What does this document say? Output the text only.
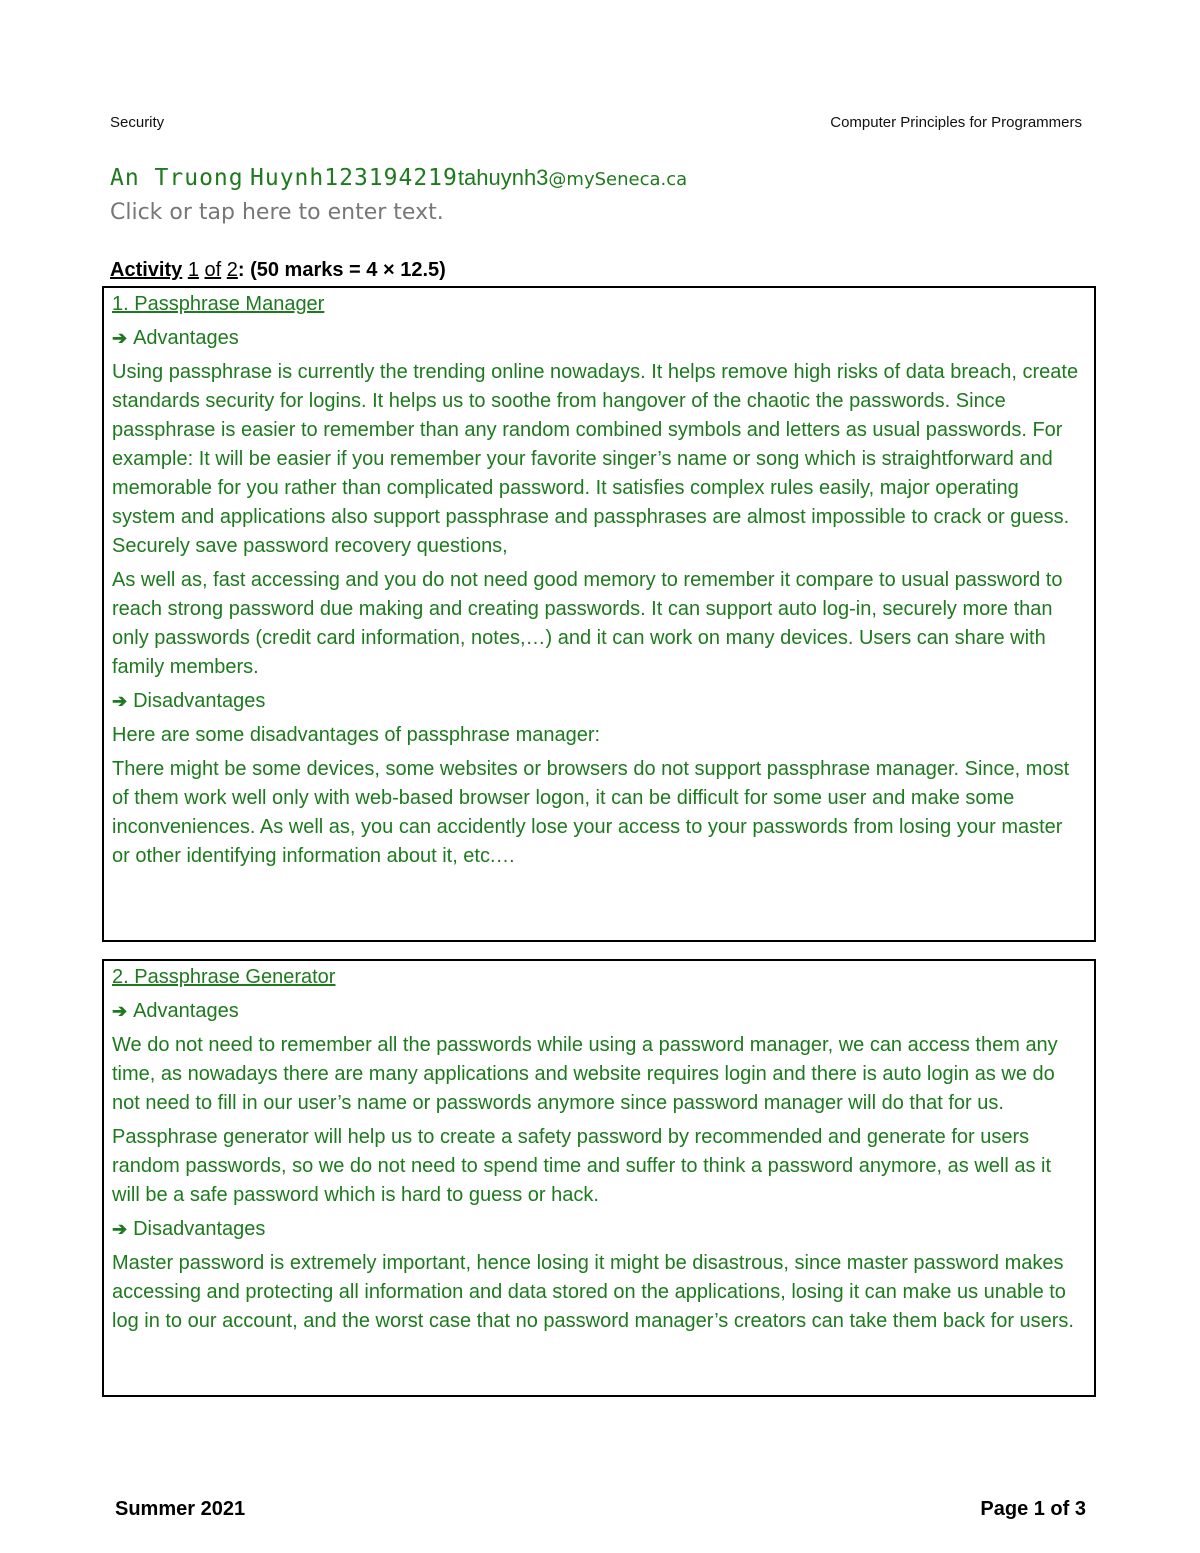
Security	Computer Principles for Programmers
An Truong Huynh123194219tahuynh3@mySeneca.ca
Click or tap here to enter text.
Activity 1 of 2: (50 marks = 4 × 12.5)
1. Passphrase Manager
➔ Advantages

Using passphrase is currently the trending online nowadays. It helps remove high risks of data breach, create standards security for logins. It helps us to soothe from hangover of the chaotic the passwords. Since passphrase is easier to remember than any random combined symbols and letters as usual passwords. For example: It will be easier if you remember your favorite singer’s name or song which is straightforward and memorable for you rather than complicated password. It satisfies complex rules easily, major operating system and applications also support passphrase and passphrases are almost impossible to crack or guess. Securely save password recovery questions,

As well as, fast accessing and you do not need good memory to remember it compare to usual password to reach strong password due making and creating passwords. It can support auto log-in, securely more than only passwords (credit card information, notes,…) and it can work on many devices. Users can share with family members.

➔ Disadvantages

Here are some disadvantages of passphrase manager:

There might be some devices, some websites or browsers do not support passphrase manager. Since, most of them work well only with web-based browser logon, it can be difficult for some user and make some inconveniences. As well as, you can accidently lose your access to your passwords from losing your master or other identifying information about it, etc.…

2. Passphrase Generator
➔ Advantages

We do not need to remember all the passwords while using a password manager, we can access them any time, as nowadays there are many applications and website requires login and there is auto login as we do not need to fill in our user’s name or passwords anymore since password manager will do that for us.

Passphrase generator will help us to create a safety password by recommended and generate for users random passwords, so we do not need to spend time and suffer to think a password anymore, as well as it will be a safe password which is hard to guess or hack.

➔ Disadvantages

Master password is extremely important, hence losing it might be disastrous, since master password makes accessing and protecting all information and data stored on the applications, losing it can make us unable to log in to our account, and the worst case that no password manager’s creators can take them back for users.

Summer 2021	Page 1 of 3
